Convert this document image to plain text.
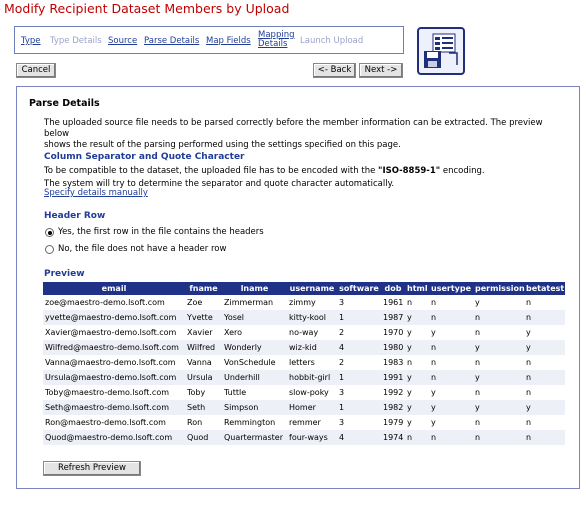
Modify Recipient Dataset Members by Upload
Type Type Details Source Parse Details Map Fields
Mapping
Details	Launch Upload
Cancel	<- Back	Next ->
Parse Details
The uploaded source file needs to be parsed correctly before the member information can be extracted. The preview below
shows the result of the parsing performed using the settings specified on this page.
Column Separator and Quote Character
To be compatible to the dataset, the uploaded file has to be encoded with the "ISO-8859-1" encoding.
The system will try to determine the separator and quote character automatically.
Specify details manually
Header Row
Yes, the first row in the file contains the headers
No, the file does not have a header row
Preview
email	fname	lname	username	software	dob	html	usertype	permission	betatest
zoe@maestro-demo.lsoft.com	Zoe	Zimmerman	zimmy	3	1961	n	n	y	n
yvette@maestro-demo.lsoft.com	Yvette	Yosel	kitty-kool	1	1987	y	n	n	n
Xavier@maestro-demo.lsoft.com	Xavier	Xero	no-way	2	1970	y	y	n	y
Wilfred@maestro-demo.lsoft.com	Wilfred	Wonderly	wiz-kid	4	1980	y	n	y	y
Vanna@maestro-demo.lsoft.com	Vanna	VonSchedule	letters	2	1983	n	n	n	n
Ursula@maestro-demo.lsoft.com	Ursula	Underhill	hobbit-girl	1	1991	y	n	y	n
Toby@maestro-demo.lsoft.com	Toby	Tuttle	slow-poky	3	1992	y	y	n	n
Seth@maestro-demo.lsoft.com	Seth	Simpson	Homer	1	1982	y	y	y	y
Ron@maestro-demo.lsoft.com	Ron	Remmington	remmer	3	1979	y	y	n	n
Quod@maestro-demo.lsoft.com	Quod	Quartermaster	four-ways	4	1974	n	n	n	n
Refresh Preview
